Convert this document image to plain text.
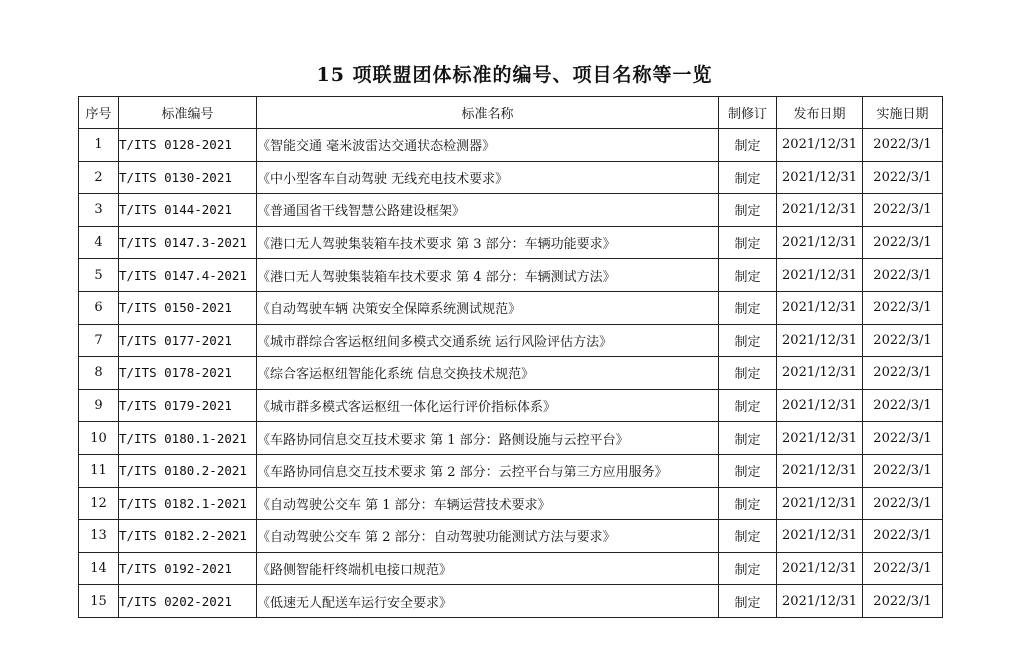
15 项联盟团体标准的编号、项目名称等一览
序号	标准编号	标准名称	制修订	发布日期	实施日期
1	T/ITS 0128-2021	《智能交通 毫米波雷达交通状态检测器》	制定	2021/12/31	2022/3/1
2	T/ITS 0130-2021	《中小型客车自动驾驶 无线充电技术要求》	制定	2021/12/31	2022/3/1
3	T/ITS 0144-2021	《普通国省干线智慧公路建设框架》	制定	2021/12/31	2022/3/1
4	T/ITS 0147.3-2021	《港口无人驾驶集装箱车技术要求 第 3 部分：车辆功能要求》	制定	2021/12/31	2022/3/1
5	T/ITS 0147.4-2021	《港口无人驾驶集装箱车技术要求 第 4 部分：车辆测试方法》	制定	2021/12/31	2022/3/1
6	T/ITS 0150-2021	《自动驾驶车辆 决策安全保障系统测试规范》	制定	2021/12/31	2022/3/1
7	T/ITS 0177-2021	《城市群综合客运枢纽间多模式交通系统 运行风险评估方法》	制定	2021/12/31	2022/3/1
8	T/ITS 0178-2021	《综合客运枢纽智能化系统 信息交换技术规范》	制定	2021/12/31	2022/3/1
9	T/ITS 0179-2021	《城市群多模式客运枢纽一体化运行评价指标体系》	制定	2021/12/31	2022/3/1
10	T/ITS 0180.1-2021	《车路协同信息交互技术要求 第 1 部分：路侧设施与云控平台》	制定	2021/12/31	2022/3/1
11	T/ITS 0180.2-2021	《车路协同信息交互技术要求 第 2 部分：云控平台与第三方应用服务》	制定	2021/12/31	2022/3/1
12	T/ITS 0182.1-2021	《自动驾驶公交车 第 1 部分：车辆运营技术要求》	制定	2021/12/31	2022/3/1
13	T/ITS 0182.2-2021	《自动驾驶公交车 第 2 部分：自动驾驶功能测试方法与要求》	制定	2021/12/31	2022/3/1
14	T/ITS 0192-2021	《路侧智能杆终端机电接口规范》	制定	2021/12/31	2022/3/1
15	T/ITS 0202-2021	《低速无人配送车运行安全要求》	制定	2021/12/31	2022/3/1
